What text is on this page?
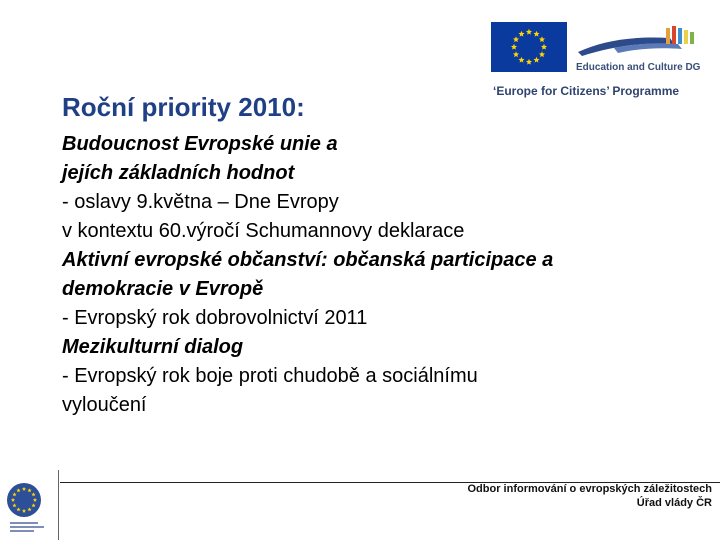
Education and Culture DG
‘Europe for Citizens’ Programme
Roční priority 2010:
Budoucnost Evropské unie a
jejích základních hodnot
- oslavy 9.května – Dne Evropy
v kontextu 60.výročí Schumannovy deklarace
Aktivní evropské občanství: občanská participace a
demokracie v Evropě
- Evropský rok dobrovolnictví 2011
Mezikulturní dialog
- Evropský rok boje proti chudobě a sociálnímu
vyloučení
Odbor informování o evropských záležitostech
Úřad vlády ČR
